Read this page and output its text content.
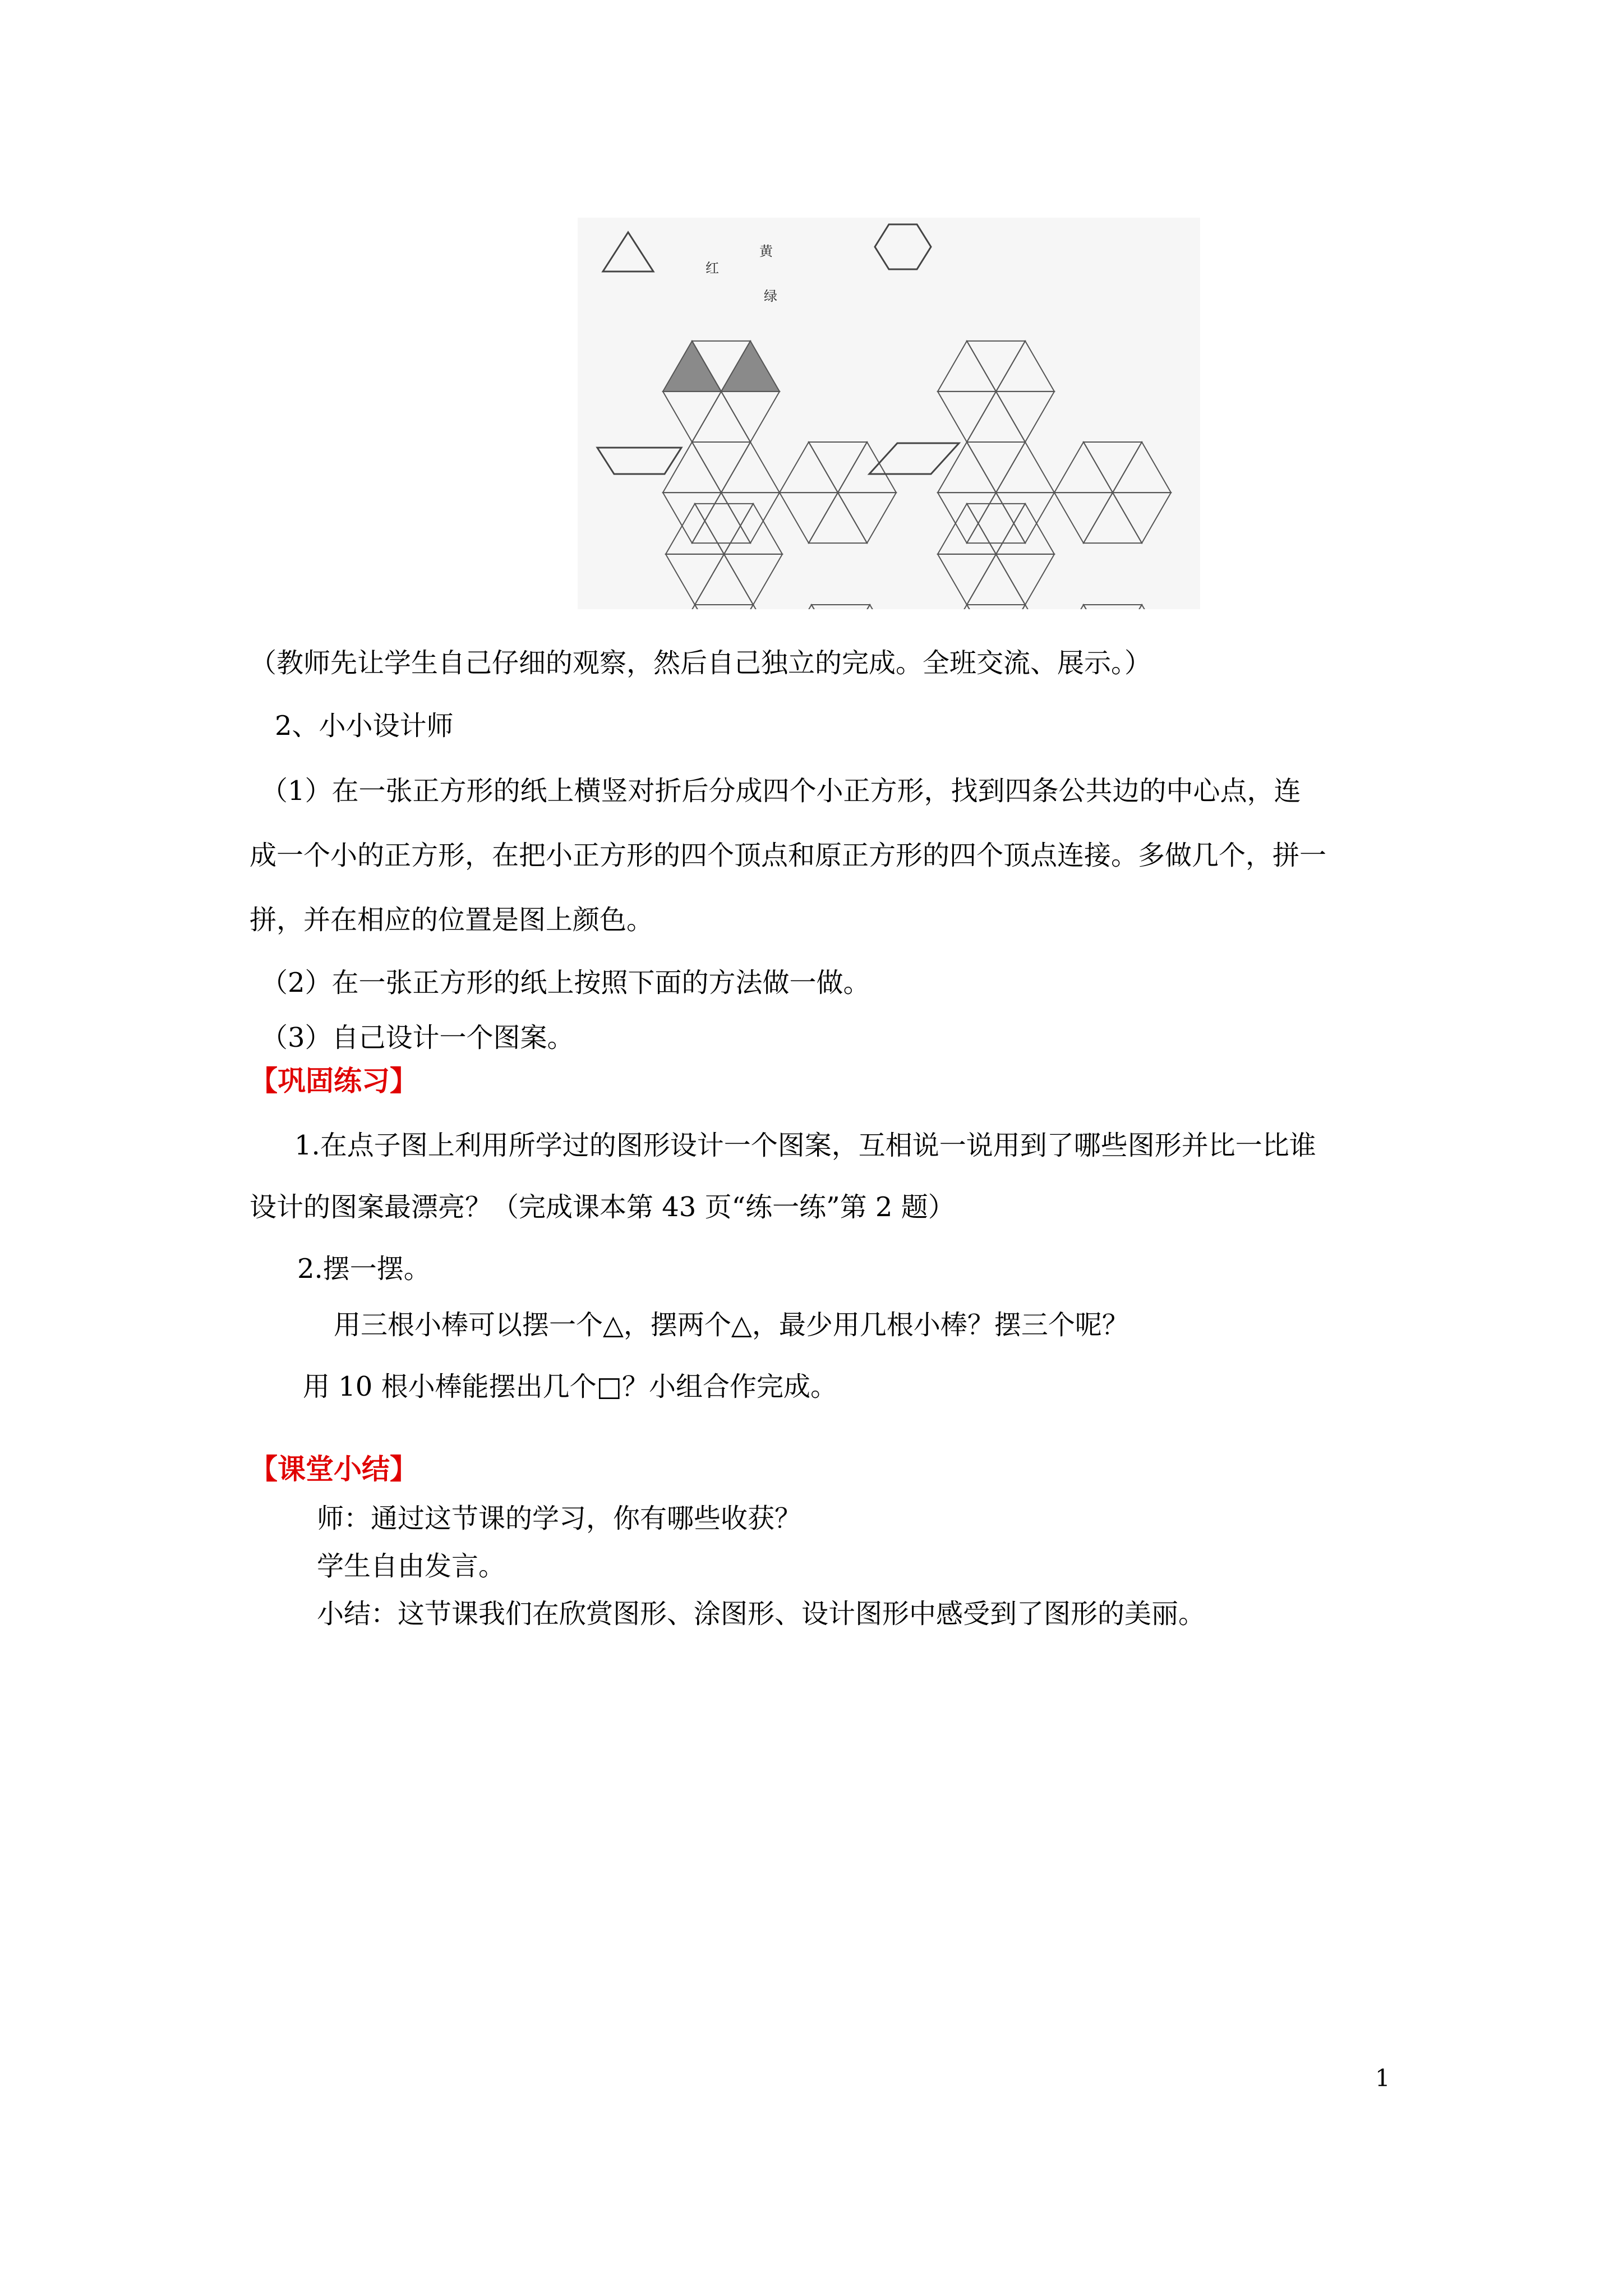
黄
红
绿
（教师先让学生自己仔细的观察，然后自己独立的完成。全班交流、展示。）
2、小小设计师
（1）在一张正方形的纸上横竖对折后分成四个小正方形，找到四条公共边的中心点，连
成一个小的正方形，在把小正方形的四个顶点和原正方形的四个顶点连接。多做几个，拼一
拼，并在相应的位置是图上颜色。
（2）在一张正方形的纸上按照下面的方法做一做。
（3）自己设计一个图案。
【巩固练习】
1.在点子图上利用所学过的图形设计一个图案，互相说一说用到了哪些图形并比一比谁
设计的图案最漂亮？（完成课本第 43 页“练一练”第 2 题）
2.摆一摆。
用三根小棒可以摆一个△，摆两个△，最少用几根小棒？摆三个呢？
用 10 根小棒能摆出几个□？小组合作完成。
【课堂小结】
师：通过这节课的学习，你有哪些收获？
学生自由发言。
小结：这节课我们在欣赏图形、涂图形、设计图形中感受到了图形的美丽。
1
